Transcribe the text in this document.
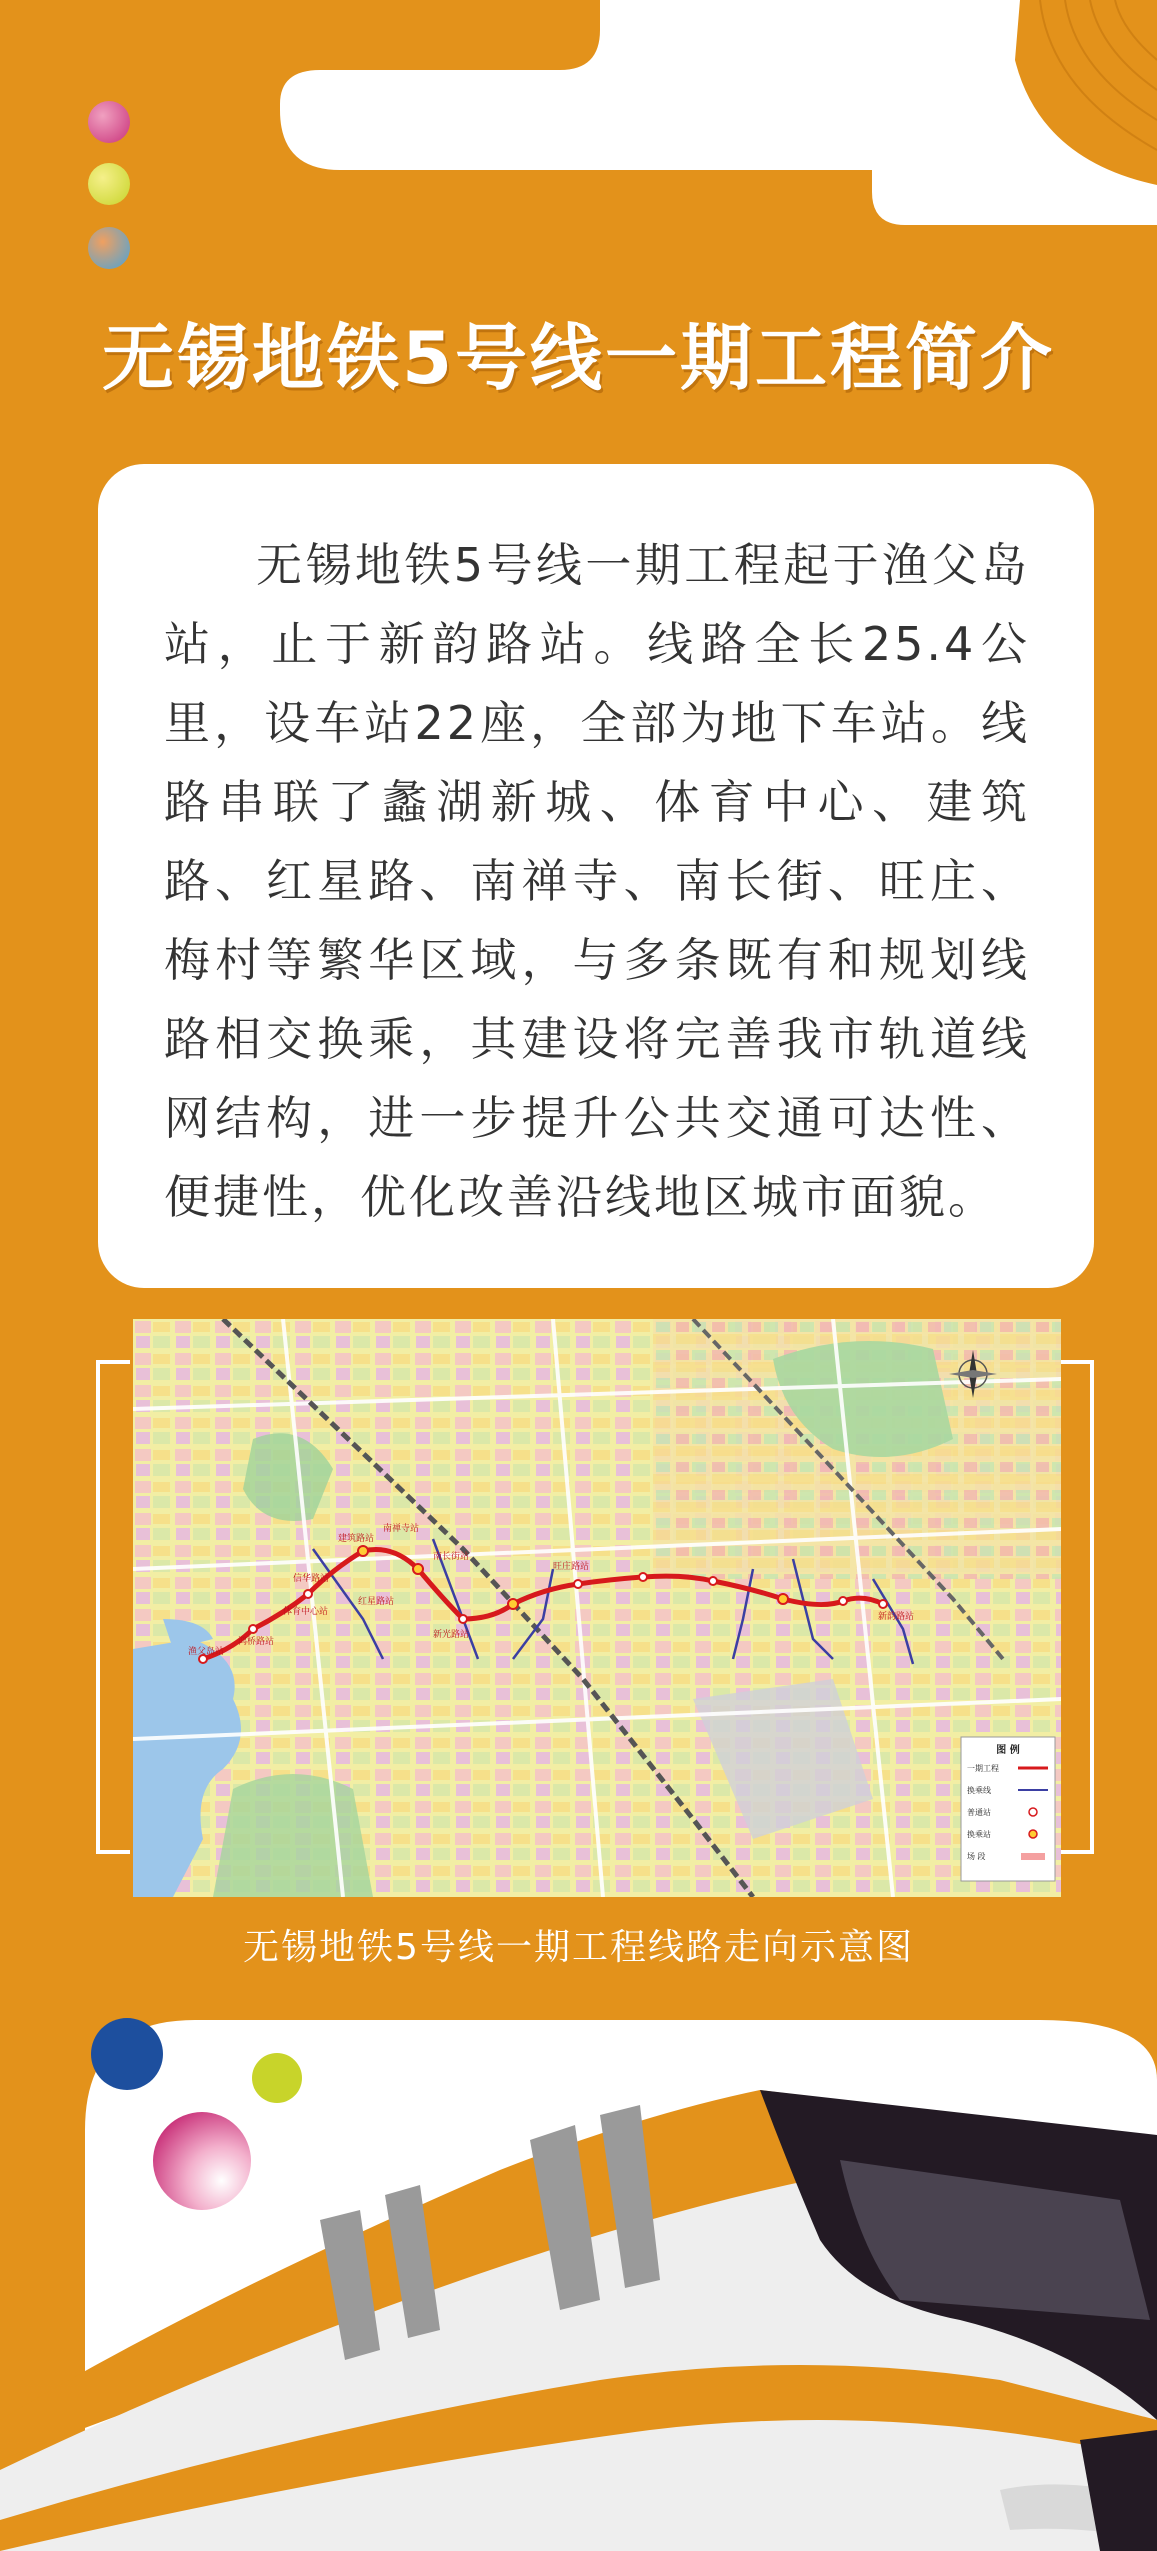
无锡地铁5号线一期工程简介

无锡地铁5号线一期工程起于渔父岛站，止于新韵路站。线路全长25.4公里，设车站22座，全部为地下车站。线路串联了蠡湖新城、体育中心、建筑路、红星路、南禅寺、南长街、旺庄、梅村等繁华区域，与多条既有和规划线路相交换乘，其建设将完善我市轨道线网结构，进一步提升公共交通可达性、便捷性，优化改善沿线地区城市面貌。

渔父岛站
鸿桥路站
体育中心站
信华路站
建筑路站
红星路站
南禅寺站
南长街站
新光路站
旺庄路站
新韵路站
图 例
一期工程
换乘线
普通站
换乘站
场 段
无锡地铁5号线一期工程线路走向示意图
